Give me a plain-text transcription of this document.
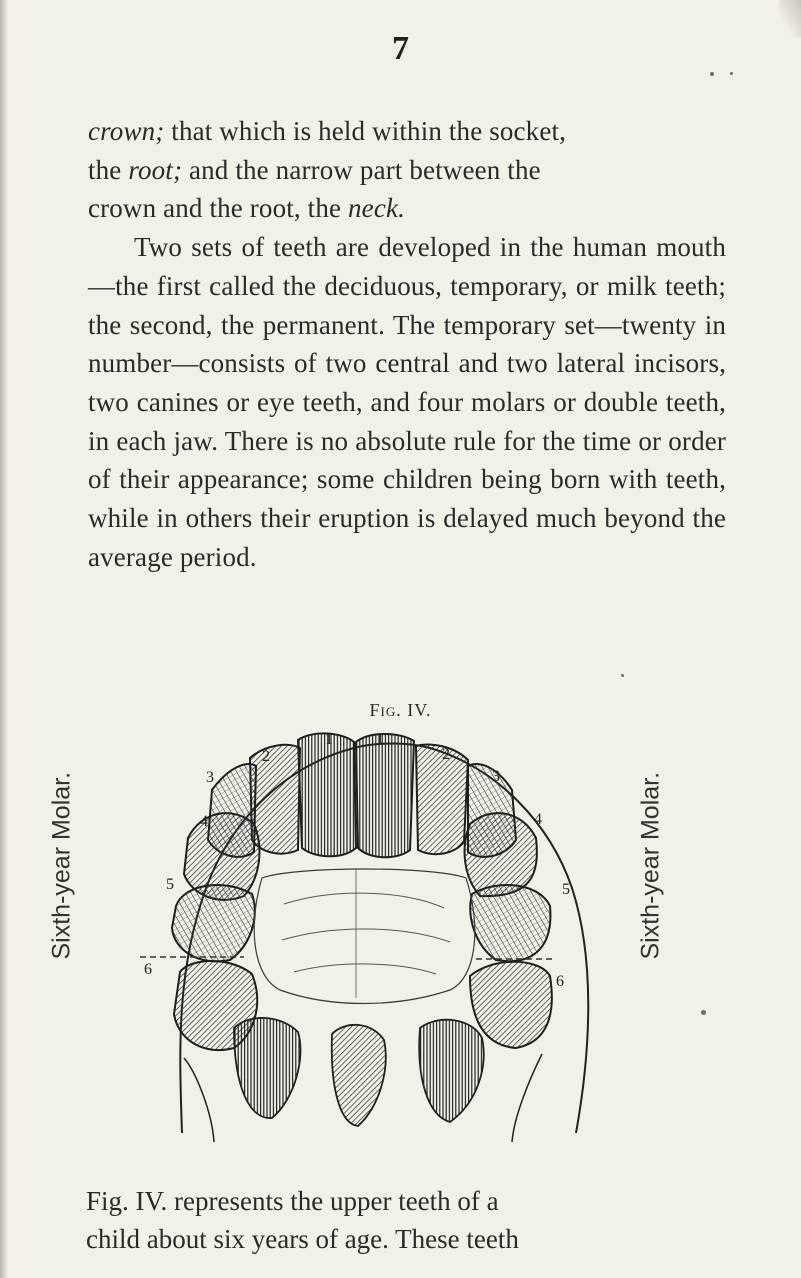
7

crown; that which is held within the socket,
the root; and the narrow part between the
crown and the root, the neck.

Two sets of teeth are developed in the human mouth—the first called the deciduous, temporary, or milk teeth; the second, the permanent. The temporary set—twenty in number—consists of two central and two lateral incisors, two canines or eye teeth, and four molars or double teeth, in each jaw. There is no absolute rule for the time or order of their appearance; some children being born with teeth, while in others their eruption is delayed much beyond the average period.

Fig. IV.
Sixth-year Molar.	Sixth-year Molar.
1	1
2	2
3	3
4	4
5	5
6
6
Fig. IV. represents the upper teeth of a
child about six years of age. These teeth
